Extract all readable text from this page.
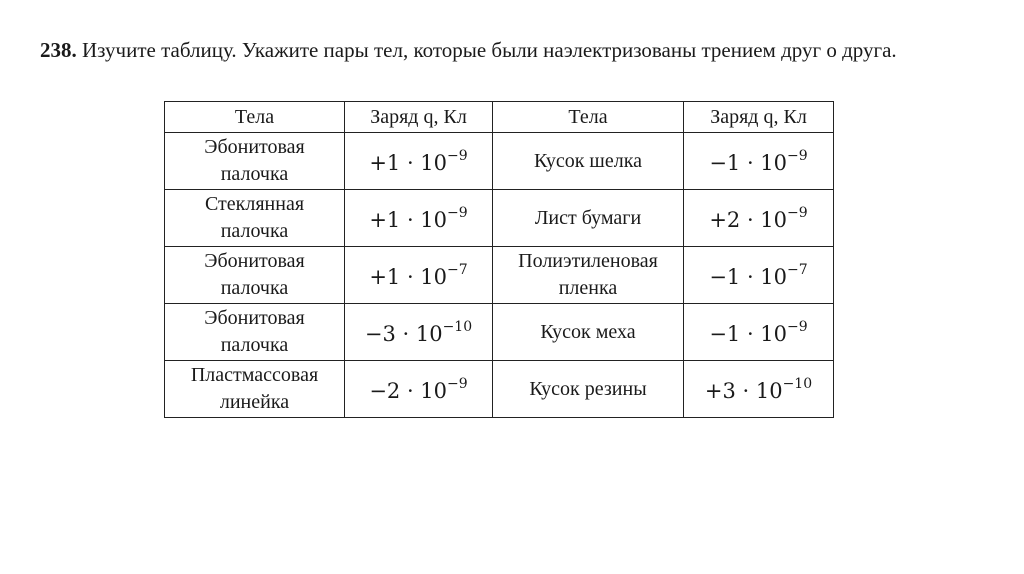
238. Изучите таблицу. Укажите пары тел, которые были наэлектризованы трением друг о друга.
Тела	Заряд q, Кл	Тела	Заряд q, Кл
Эбонитовая палочка	$+1 \cdot 10^{-9}$	Кусок шелка	$-1 \cdot 10^{-9}$
Стеклянная палочка	$+1 \cdot 10^{-9}$	Лист бумаги	$+2 \cdot 10^{-9}$
Эбонитовая палочка	$+1 \cdot 10^{-7}$	Полиэтиленовая пленка	$-1 \cdot 10^{-7}$
Эбонитовая палочка	$-3 \cdot 10^{-10}$	Кусок меха	$-1 \cdot 10^{-9}$
Пластмассовая линейка	$-2 \cdot 10^{-9}$	Кусок резины	$+3 \cdot 10^{-10}$
